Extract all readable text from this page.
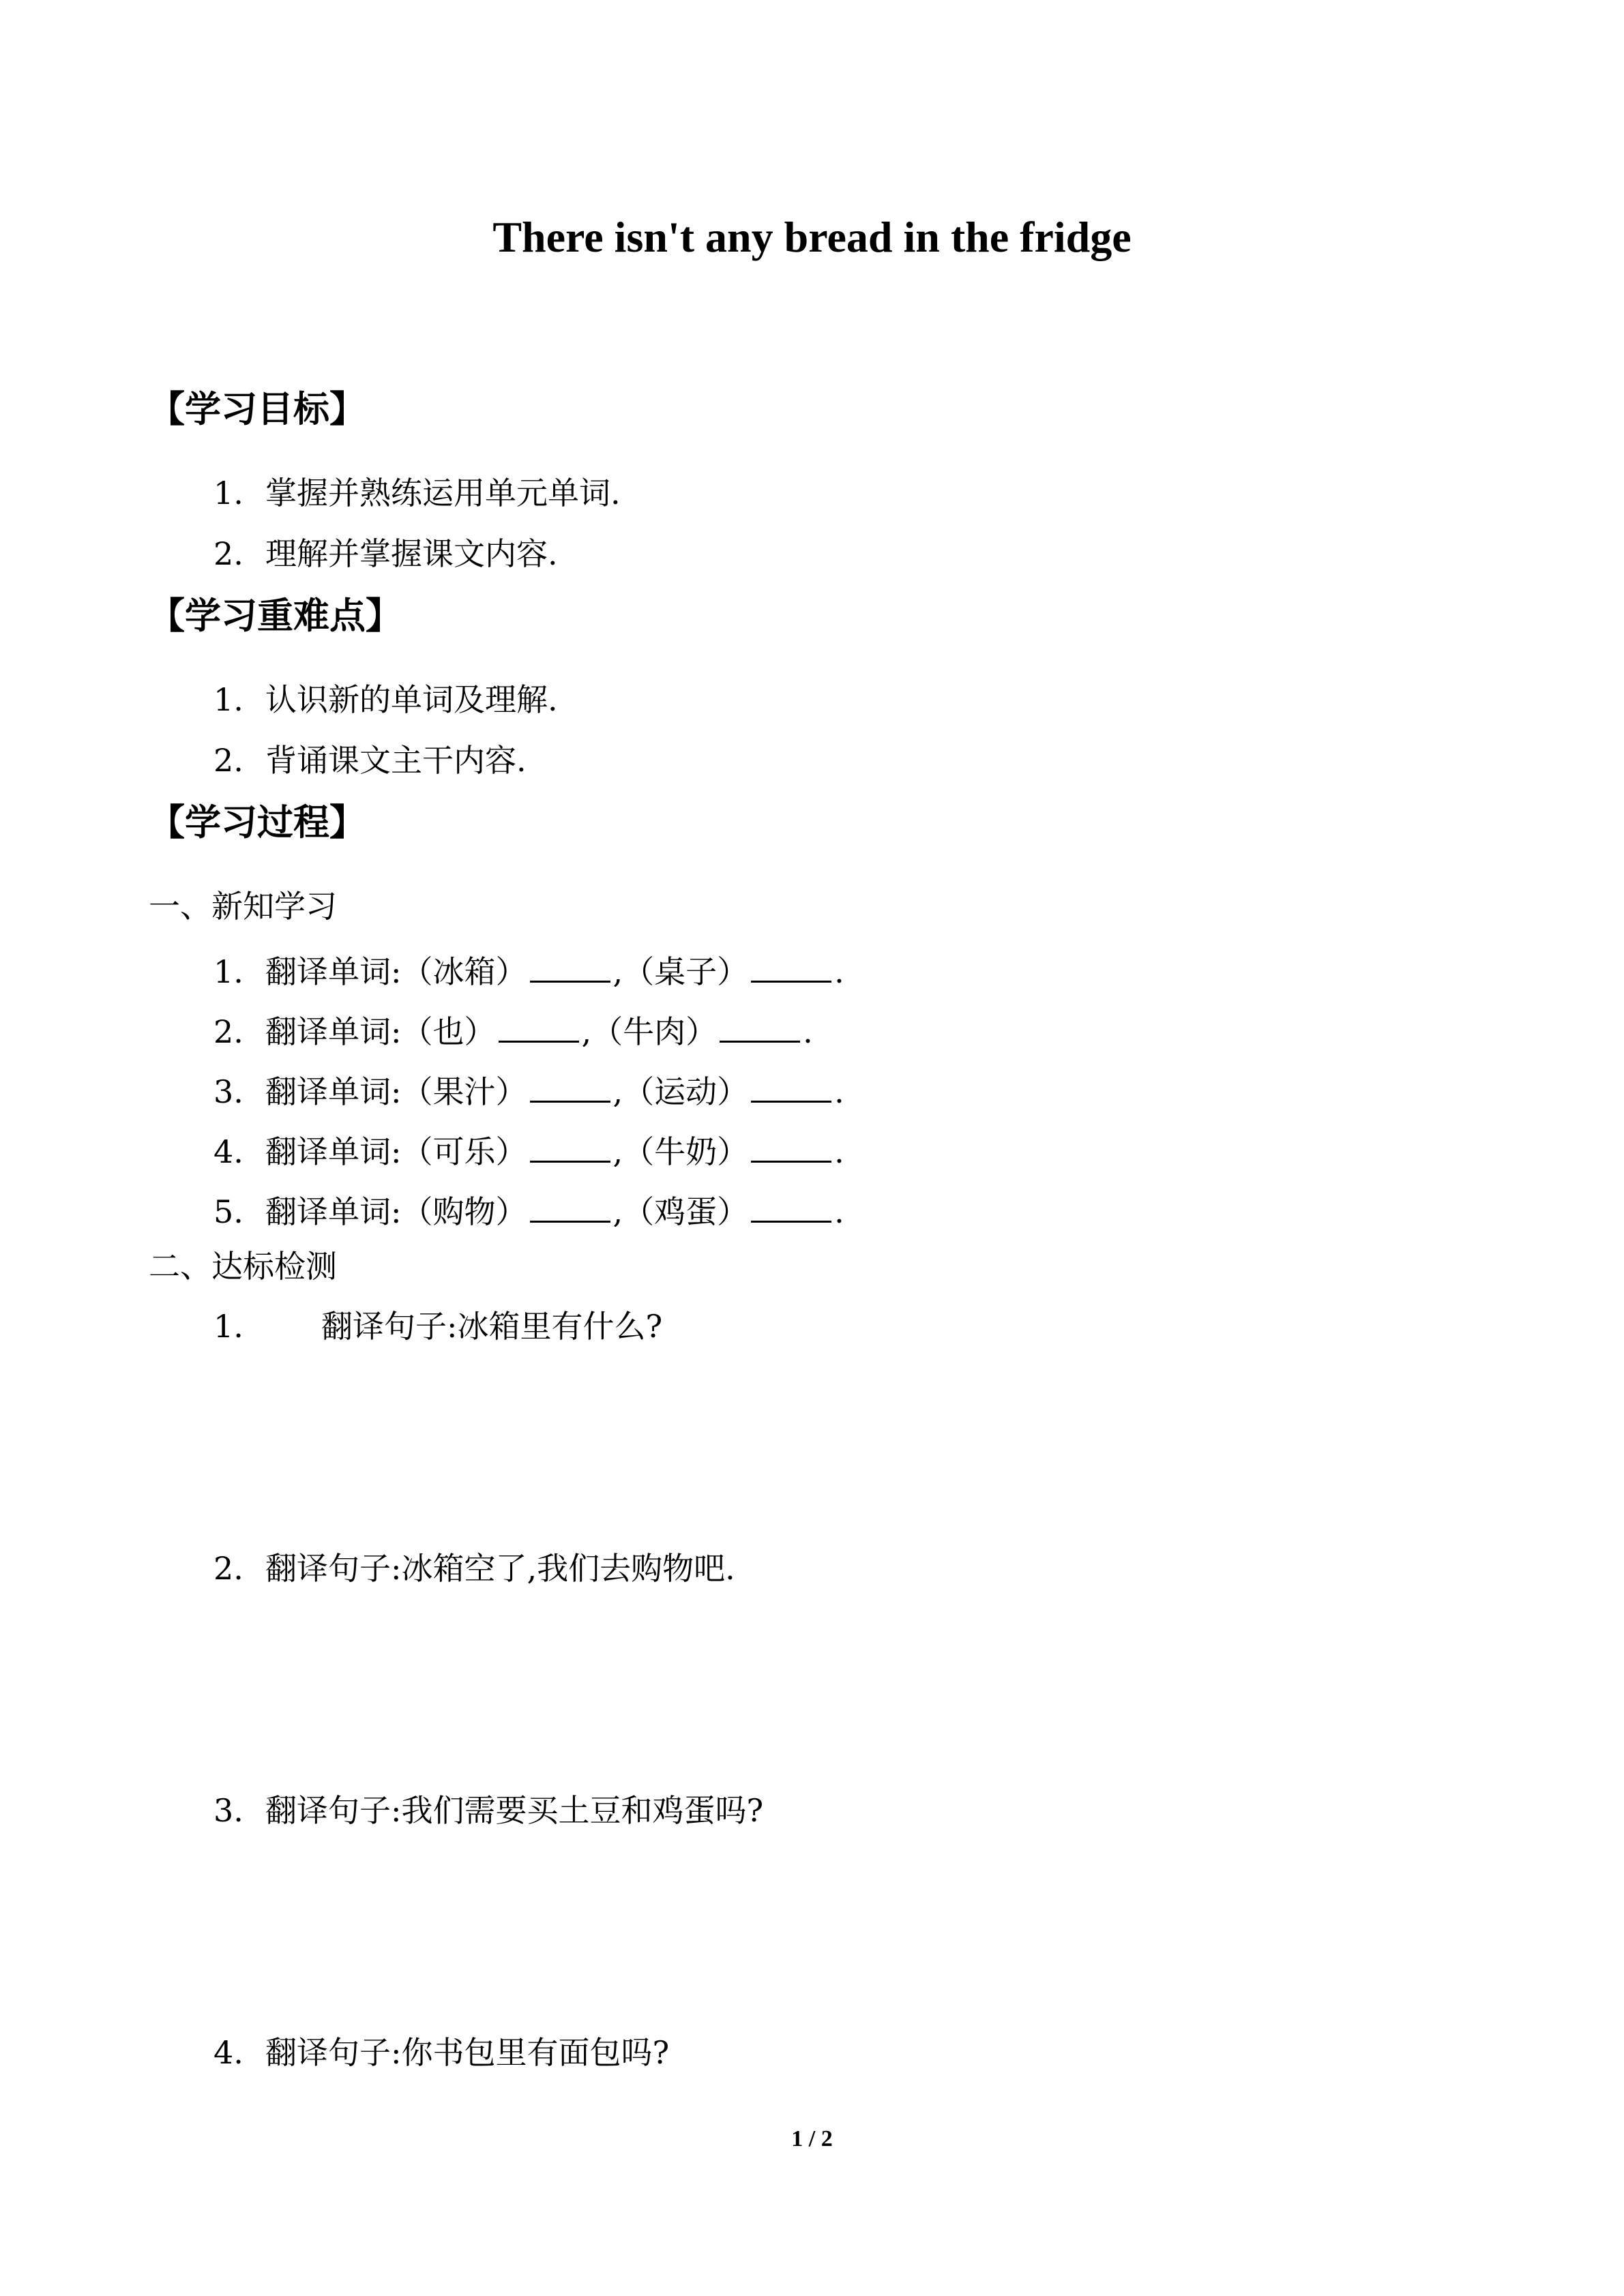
There isn't any bread in the fridge
【学习目标】
1. 掌握并熟练运用单元单词.
2. 理解并掌握课文内容.
【学习重难点】
1. 认识新的单词及理解.
2. 背诵课文主干内容.
【学习过程】
一、新知学习
1. 翻译单词:（冰箱）	,（桌子）	.
2. 翻译单词:（也）	,（牛肉）	.
3. 翻译单词:（果汁）	,（运动）	.
4. 翻译单词:（可乐）	,（牛奶）	.
5. 翻译单词:（购物）	,（鸡蛋）	.
二、达标检测
1. 翻译句子:冰箱里有什么?
2. 翻译句子:冰箱空了,我们去购物吧.
3. 翻译句子:我们需要买土豆和鸡蛋吗?
4. 翻译句子:你书包里有面包吗?
1 / 2
